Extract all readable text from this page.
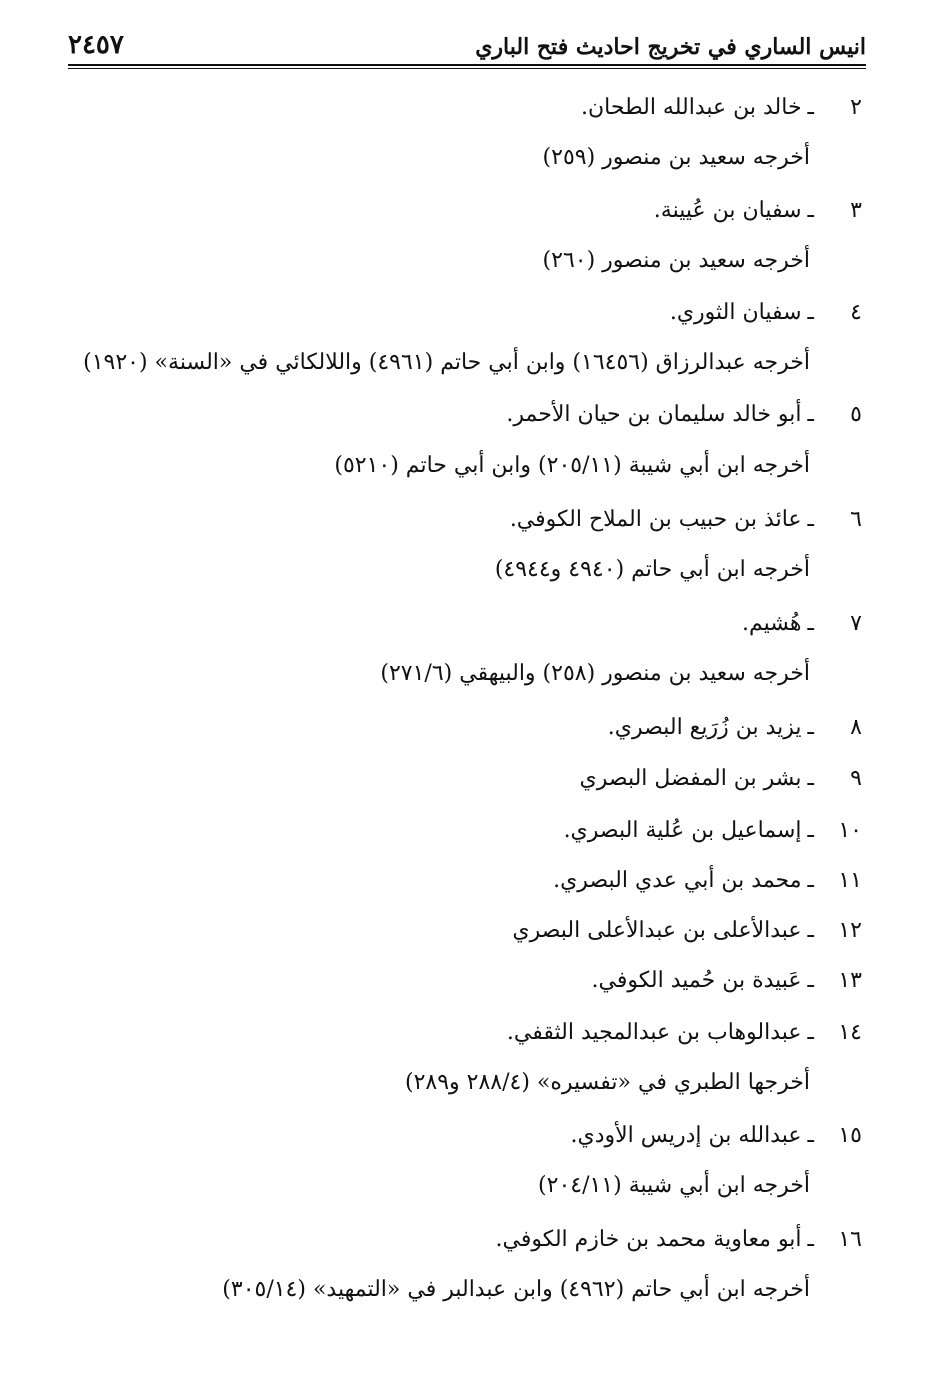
انيس الساري في تخريج احاديث فتح الباري
٢٤٥٧
٢ـخالد بن عبدالله الطحان.
أخرجه سعيد بن منصور (٢٥٩)
٣ـسفيان بن عُيينة.
أخرجه سعيد بن منصور (٢٦٠)
٤ـسفيان الثوري.
أخرجه عبدالرزاق (١٦٤٥٦) وابن أبي حاتم (٤٩٦١) واللالكائي في «السنة» (١٩٢٠)
٥ـأبو خالد سليمان بن حيان الأحمر.
أخرجه ابن أبي شيبة (٢٠٥/١١) وابن أبي حاتم (٥٢١٠)
٦ـعائذ بن حبيب بن الملاح الكوفي.
أخرجه ابن أبي حاتم (٤٩٤٠ و٤٩٤٤)
٧ـهُشيم.
أخرجه سعيد بن منصور (٢٥٨) والبيهقي (٢٧١/٦)
٨ـيزيد بن زُرَيع البصري.
٩ـبشر بن المفضل البصري
١٠ـإسماعيل بن عُلية البصري.
١١ـمحمد بن أبي عدي البصري.
١٢ـعبدالأعلى بن عبدالأعلى البصري
١٣ـعَبيدة بن حُميد الكوفي.
١٤ـعبدالوهاب بن عبدالمجيد الثقفي.
أخرجها الطبري في «تفسيره» (٢٨٨/٤ و٢٨٩)
١٥ـعبدالله بن إدريس الأودي.
أخرجه ابن أبي شيبة (٢٠٤/١١)
١٦ـأبو معاوية محمد بن خازم الكوفي.
أخرجه ابن أبي حاتم (٤٩٦٢) وابن عبدالبر في «التمهيد» (٣٠٥/١٤)
